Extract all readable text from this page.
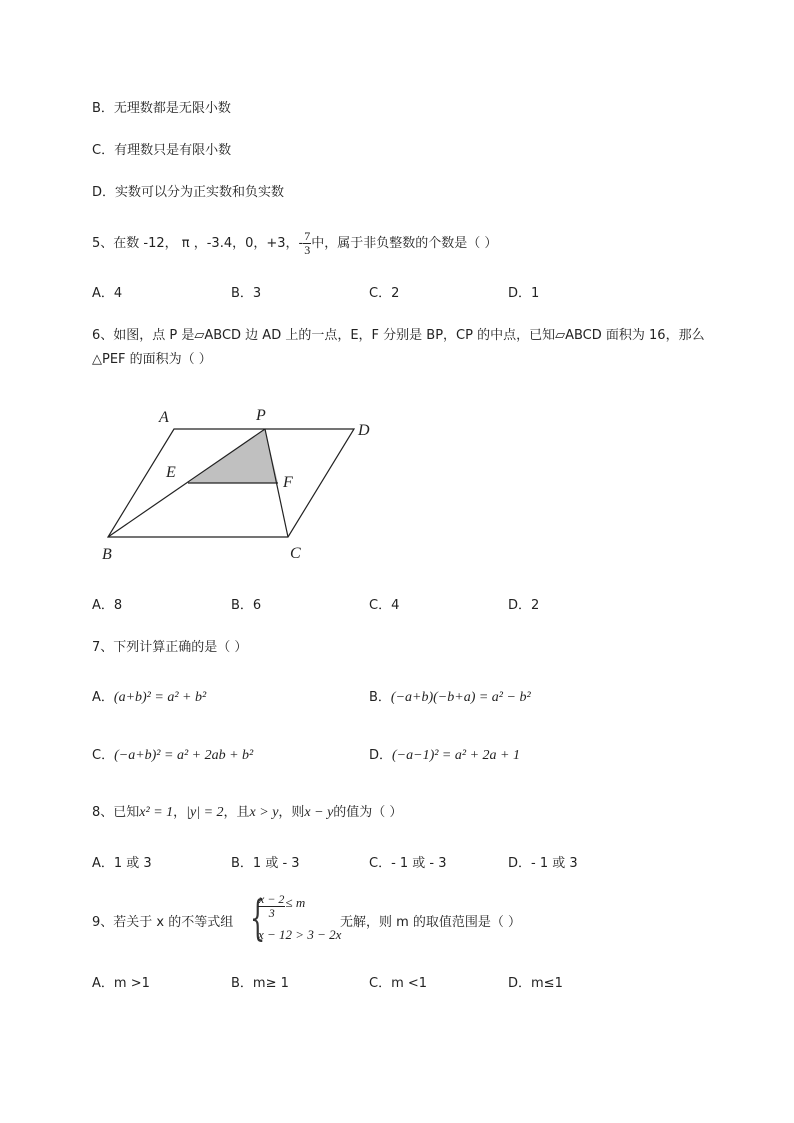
B．无理数都是无限小数
C．有理数只是有限小数
D．实数可以分为正实数和负实数
5、在数 -12， π ，-3.4，0，+3，- $\frac{7}{3}$ 中，属于非负整数的个数是（ ）
A．4	B．3	C．2	D．1
6、如图，点 P 是▱ABCD 边 AD 上的一点，E，F 分别是 BP，CP 的中点，已知▱ABCD 面积为 16，那么
△PEF 的面积为（ ）
A	P
D
E
F
B	C
A．8	B．6	C．4	D．2
7、下列计算正确的是（ ）
A．(a+b)² = a² + b²	B．(−a+b)(−b+a) = a² − b²
C．(−a+b)² = a² + 2ab + b²	D．(−a−1)² = a² + 2a + 1
8、已知x² = 1，|y| = 2，且x > y，则x − y的值为（ ）
A．1 或 3	B．1 或 - 3	C．- 1 或 - 3	D．- 1 或 3
9、若关于 x 的不等式组 {
$\frac{x - 2}{3} \le m$
x − 12 > 3 − 2x
无解，则 m 的取值范围是（ ）
A．m >1	B．m≥ 1	C．m <1	D．m≤1
